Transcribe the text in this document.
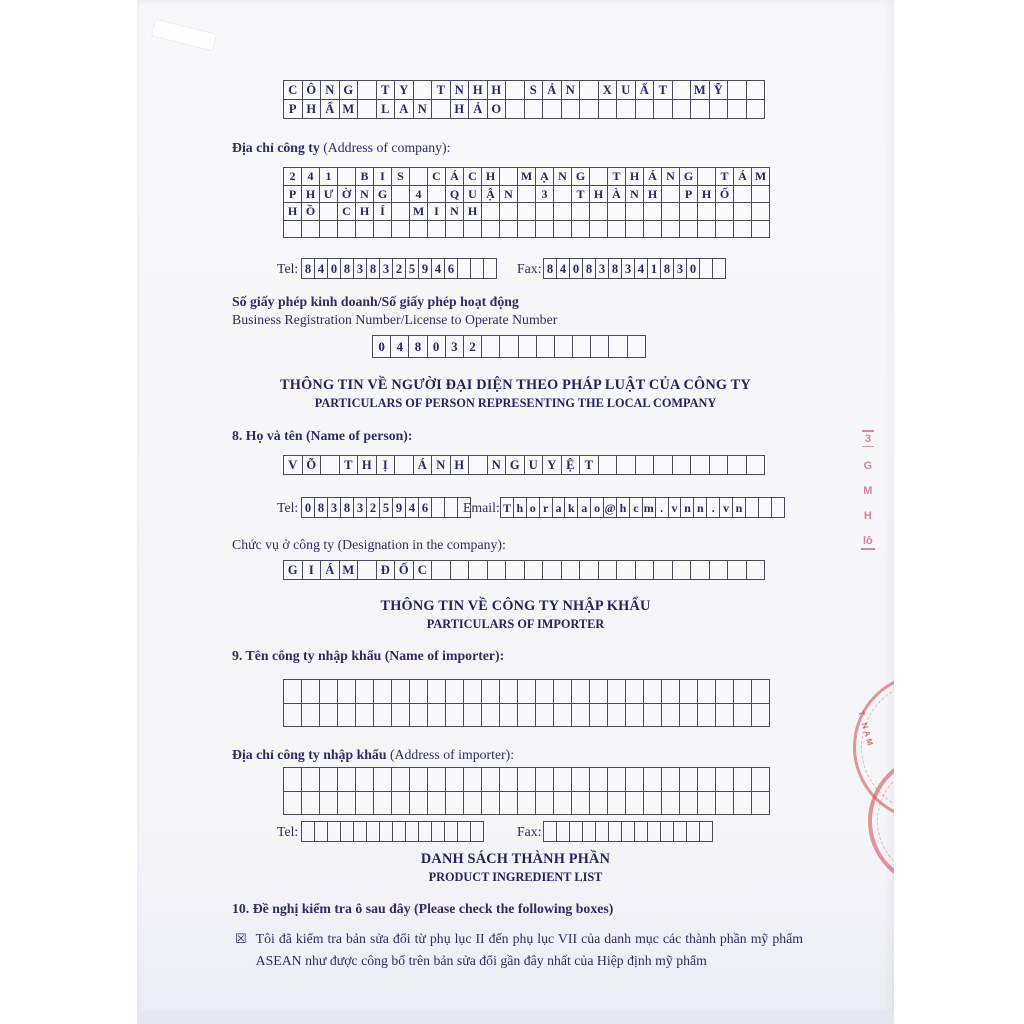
C Ô N G	T Y	T N H H	S Ả N	X U Ấ T	M Ỹ
P H Ẩ M	L A N	H Ả O
Địa chỉ công ty (Address of company):
2	4	1	B I	S	C Á C H	M Ạ N G	T H Á N G	T Á M
P H Ư Ờ N G	4	Q U Ậ N	3	T H À N H	P H Ố
H Ồ	C H Í	M I N H
Tel: 8 4 0 8 3 8 3 2 5 9 4 6	Fax: 8 4 0 8 3 8 3 4 1 8 3 0
Số giấy phép kinh doanh/Số giấy phép hoạt động
Business Registration Number/License to Operate Number
0 4 8 0 3 2
THÔNG TIN VỀ NGƯỜI ĐẠI DIỆN THEO PHÁP LUẬT CỦA CÔNG TY
PARTICULARS OF PERSON REPRESENTING THE LOCAL COMPANY
8. Họ và tên (Name of person):
V Õ	T H Ị	Á N H	N G U Y Ệ T
Tel: 0 8 3 8 3 2 5 9 4 6	Email: T h o r a k a o @ h c m . v n n . v n
Chức vụ ở công ty (Designation in the company):
G I Á M	Đ Ố C
THÔNG TIN VỀ CÔNG TY NHẬP KHẨU
PARTICULARS OF IMPORTER
9. Tên công ty nhập khẩu (Name of importer):
Địa chỉ công ty nhập khẩu (Address of importer):
Tel:	Fax:
DANH SÁCH THÀNH PHẦN
PRODUCT INGREDIENT LIST
10. Đề nghị kiểm tra ô sau đây (Please check the following boxes)
☒ Tôi đã kiểm tra bản sửa đổi từ phụ lục II đến phụ lục VII của danh mục các thành phần mỹ phẩm ASEAN như được công bố trên bản sửa đổi gần đây nhất của Hiệp định mỹ phẩm

3
G
M
H
lô
T NAM
